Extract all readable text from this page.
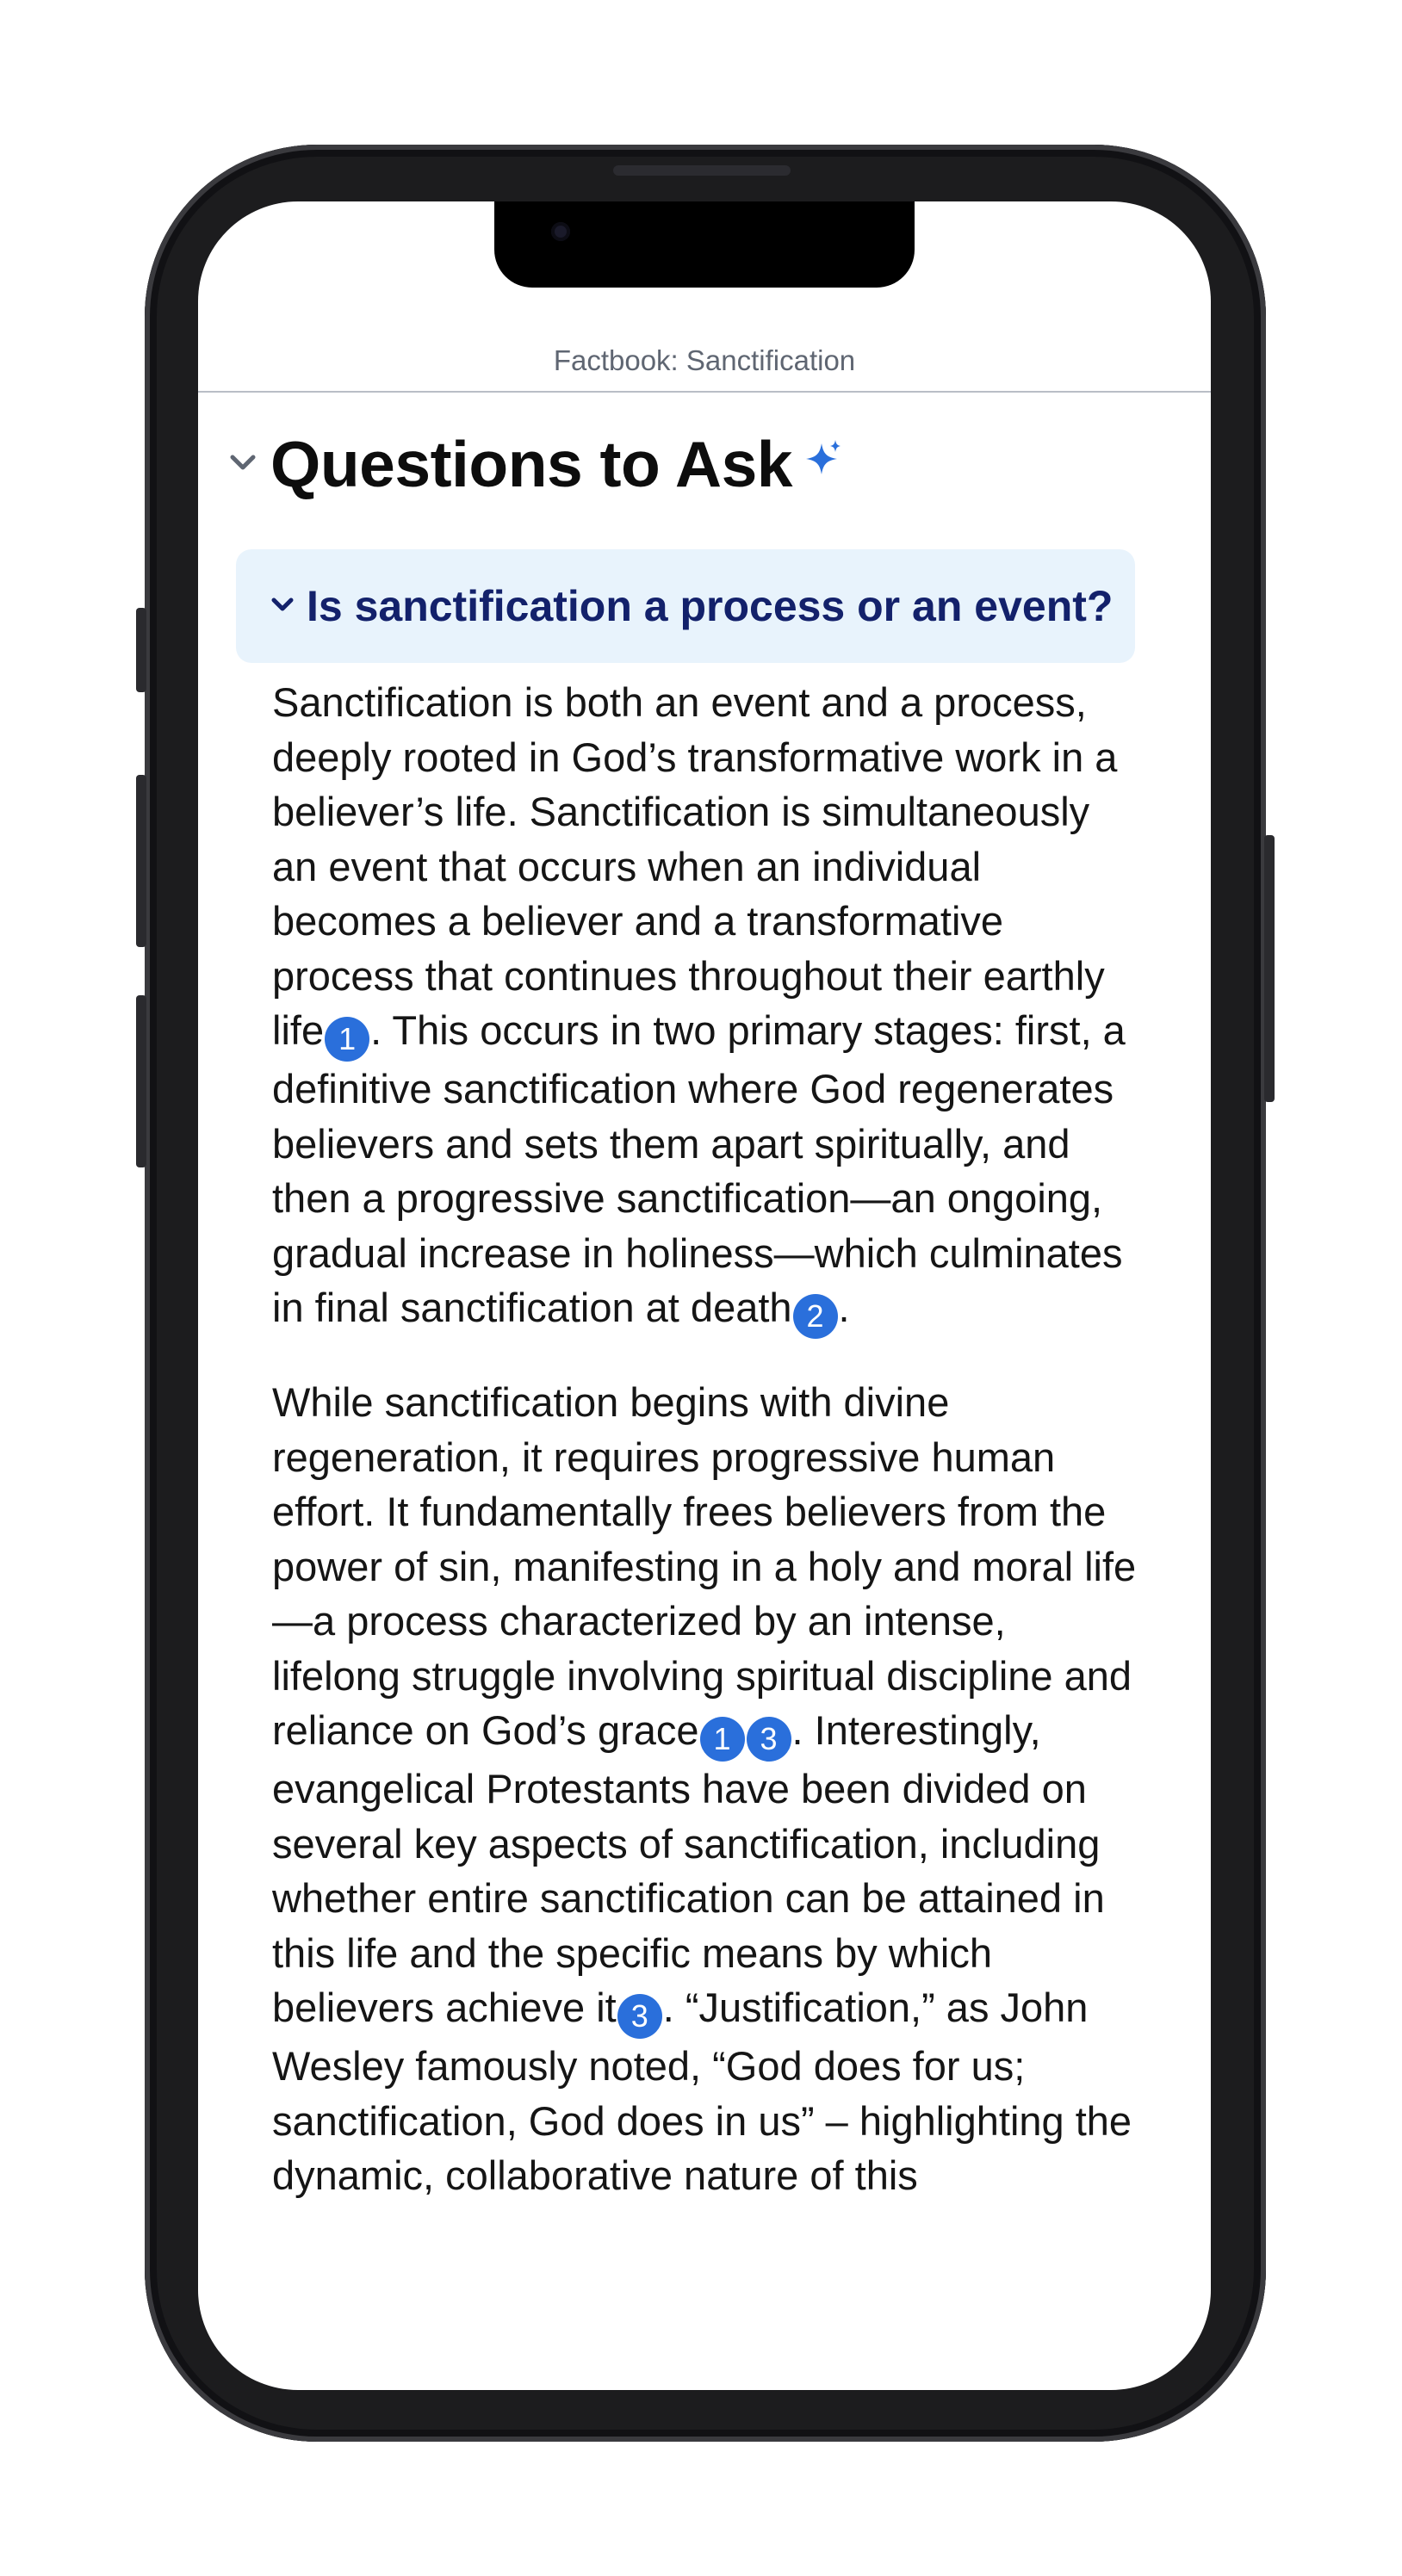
Factbook: Sanctification
Questions to Ask
Is sanctification a process or an event?

Sanctification is both an event and a process, deeply rooted in God’s transformative work in a believer’s life. Sanctification is simultaneously an event that occurs when an individual becomes a believer and a transformative process that continues throughout their earthly life 1 . This occurs in two primary stages: first, a definitive sanctification where God regenerates believers and sets them apart spiritually, and then a progressive sanctification—an ongoing, gradual increase in holiness—which culminates in final sanctification at death 2 .

While sanctification begins with divine regeneration, it requires progressive human effort. It fundamentally frees believers from the power of sin, manifesting in a holy and moral life—a process characterized by an intense, lifelong struggle involving spiritual discipline and reliance on God’s grace 1 3 . Interestingly, evangelical Protestants have been divided on several key aspects of sanctification, including whether entire sanctification can be attained in this life and the specific means by which believers achieve it 3 . “Justification,” as John Wesley famously noted, “God does for us; sanctification, God does in us” – highlighting the dynamic, collaborative nature of this
